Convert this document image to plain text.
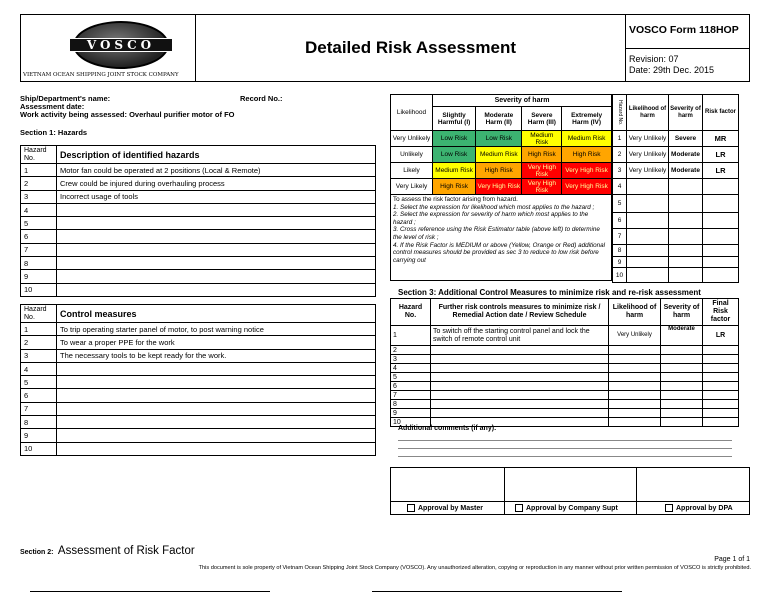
VOSCO
VIETNAM OCEAN SHIPPING JOINT STOCK COMPANY
Detailed Risk Assessment
VOSCO Form 118HOP
Revision: 07
Date: 29th Dec. 2015
Ship/Department's name:	Record No.:
Assessment date:
Work activity being assessed: Overhaul purifier motor of FO
Section 1: Hazards
Hazard No.	Description of identified hazards
1	Motor fan could be operated at 2 positions (Local & Remote)
2	Crew could be injured during overhauling process
3	Incorrect usage of tools
4	
5	
6	
7	
8	
9	
10	
Hazard No.	Control measures
1	To trip operating starter panel of motor, to post warning notice
2	To wear a proper PPE for the work
3	The necessary tools to be kept ready for the work.
4	
5	
6	
7	
8	
9	
10	
Likelihood	Severity of harm			
	Slightly Harmful (I)	Moderate Harm (II)	Severe Harm (III)	Extremely Harm (IV)
Very Unlikely	Low Risk	Low Risk	Medium Risk	Medium Risk
Unlikely	Low Risk	Medium Risk	High Risk	High Risk
Likely	Medium Risk	High Risk	Very High Risk	Very High Risk
Very Likely	High Risk	Very High Risk	Very High Risk	Very High Risk

To assess the risk factor arising from hazard.
1. Select the expression for likelihood which most applies to the hazard ;
2. Select the expression for severity of harm which most applies to the hazard ;
3. Cross reference using the Risk Estimator table (above left) to determine the level of risk ;
4. If the Risk Factor is MEDIUM or above (Yellow, Orange or Red) additional control measures should be provided as sec 3 to reduce to low risk before carrying out				
Hazard No.	Likelihood of harm	Severity of harm	Risk factor
1	Very Unlikely	Severe	MR
2	Very Unlikely	Moderate	LR
3	Very Unlikely	Moderate	LR
4			
5			
6			
7			
8			
9			
10			
Section 3: Additional Control Measures to minimize risk and re-risk assessment
Hazard No.	Further risk controls measures to minimize risk / Remedial Action date / Review Schedule	Likelihood of harm	Severity of harm	Final Risk factor
1	To switch off the starting control panel and lock the switch of remote control unit	Very Unlikely	Moderate	LR
2				
3				
4				
5				
6				
7				
8				
9				
10				
Additional comments (if any):

Approval by Master	Approval by Company Supt	Approval by DPA
Section 2: Assessment of Risk Factor
Page 1 of 1
This document is sole property of Vietnam Ocean Shipping Joint Stock Company (VOSCO). Any unauthorized alteration, copying or reproduction in any manner without prior written permission of VOSCO is strictly prohibited.
